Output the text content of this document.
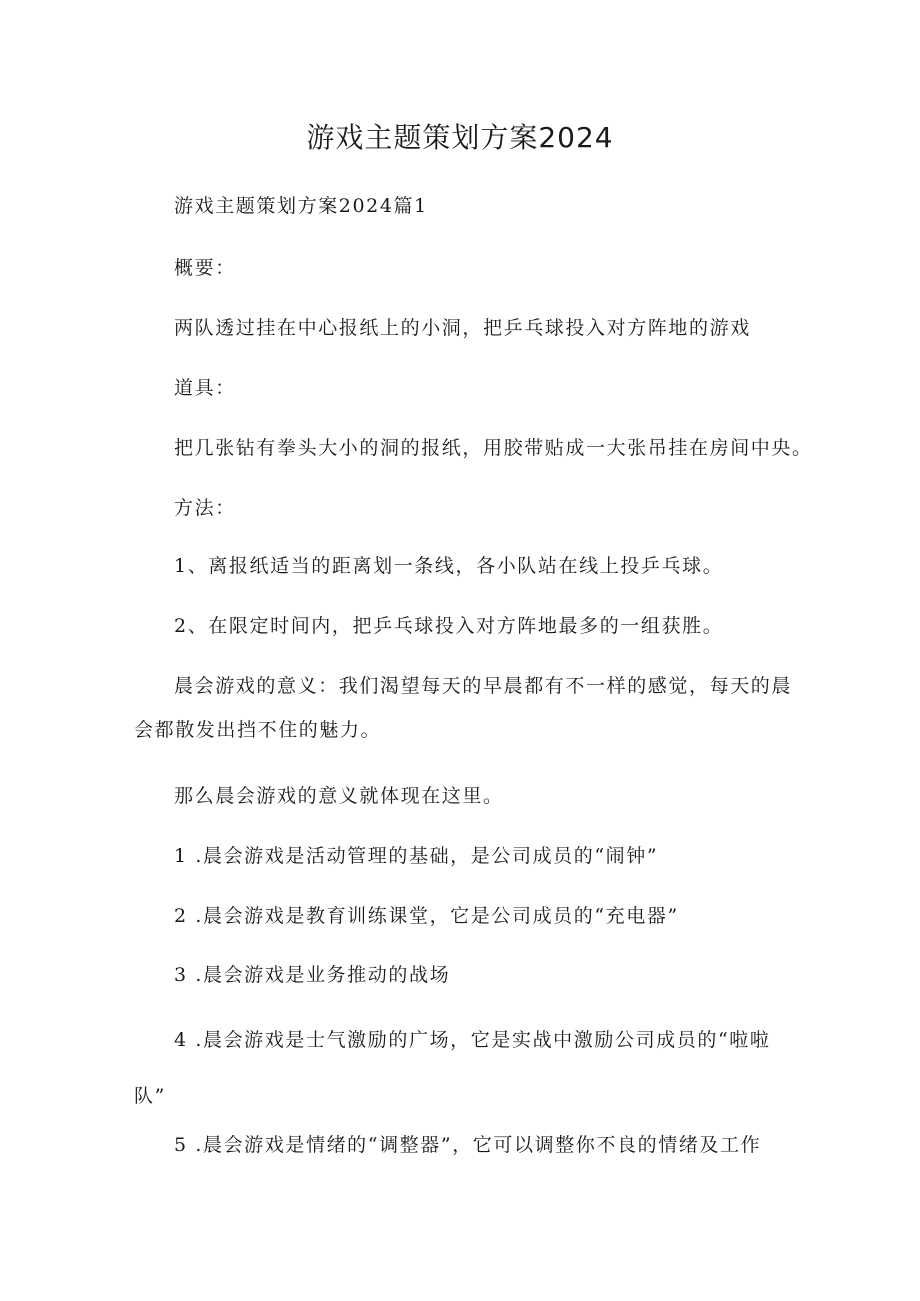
游戏主题策划方案2024

游戏主题策划方案2024篇1

概要：

两队透过挂在中心报纸上的小洞，把乒乓球投入对方阵地的游戏

道具：

把几张钻有拳头大小的洞的报纸，用胶带贴成一大张吊挂在房间中央。

方法：

1、离报纸适当的距离划一条线，各小队站在线上投乒乓球。

2、在限定时间内，把乒乓球投入对方阵地最多的一组获胜。

晨会游戏的意义：我们渴望每天的早晨都有不一样的感觉，每天的晨会都散发出挡不住的魅力。

那么晨会游戏的意义就体现在这里。

1 .晨会游戏是活动管理的基础，是公司成员的“闹钟”

2 .晨会游戏是教育训练课堂，它是公司成员的“充电器”

3 .晨会游戏是业务推动的战场

4 .晨会游戏是士气激励的广场，它是实战中激励公司成员的“啦啦队”

5 .晨会游戏是情绪的“调整器”，它可以调整你不良的情绪及工作
